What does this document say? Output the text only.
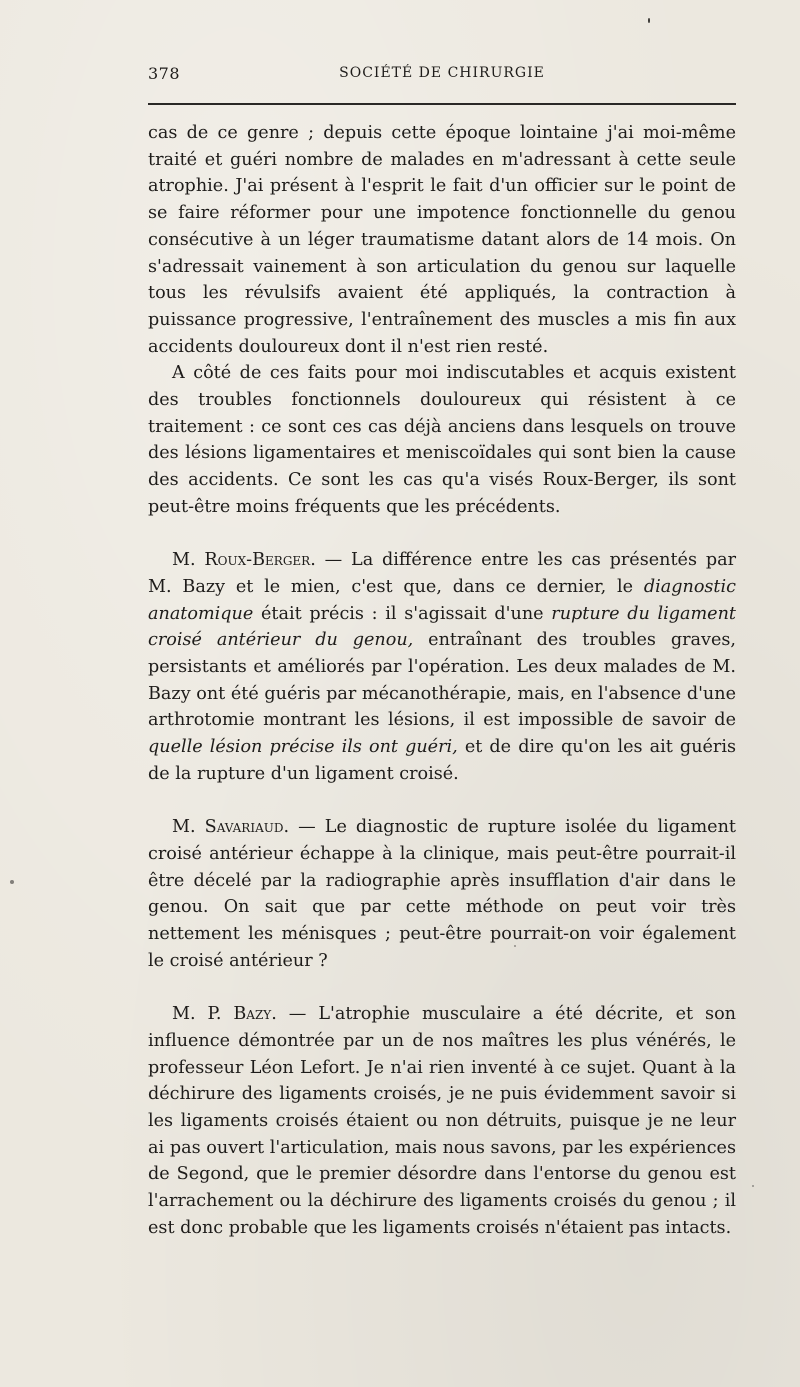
378	SOCIÉTÉ DE CHIRURGIE

cas de ce genre ; depuis cette époque lointaine j'ai moi-même traité et guéri nombre de malades en m'adressant à cette seule atrophie. J'ai présent à l'esprit le fait d'un officier sur le point de se faire réformer pour une impotence fonctionnelle du genou consécutive à un léger traumatisme datant alors de 14 mois. On s'adressait vainement à son articulation du genou sur laquelle tous les révulsifs avaient été appliqués, la contraction à puissance progressive, l'entraînement des muscles a mis fin aux accidents douloureux dont il n'est rien resté.

A côté de ces faits pour moi indiscutables et acquis existent des troubles fonctionnels douloureux qui résistent à ce traitement : ce sont ces cas déjà anciens dans lesquels on trouve des lésions ligamentaires et meniscoïdales qui sont bien la cause des accidents. Ce sont les cas qu'a visés Roux-Berger, ils sont peut-être moins fréquents que les précédents.

M. Roux-Berger. — La différence entre les cas présentés par M. Bazy et le mien, c'est que, dans ce dernier, le diagnostic anatomique était précis : il s'agissait d'une rupture du ligament croisé antérieur du genou, entraînant des troubles graves, persistants et améliorés par l'opération. Les deux malades de M. Bazy ont été guéris par mécanothérapie, mais, en l'absence d'une arthrotomie montrant les lésions, il est impossible de savoir de quelle lésion précise ils ont guéri, et de dire qu'on les ait guéris de la rupture d'un ligament croisé.

M. Savariaud. — Le diagnostic de rupture isolée du ligament croisé antérieur échappe à la clinique, mais peut-être pourrait-il être décelé par la radiographie après insufflation d'air dans le genou. On sait que par cette méthode on peut voir très nettement les ménisques ; peut-être pourrait-on voir également le croisé antérieur ?

M. P. Bazy. — L'atrophie musculaire a été décrite, et son influence démontrée par un de nos maîtres les plus vénérés, le professeur Léon Lefort. Je n'ai rien inventé à ce sujet. Quant à la déchirure des ligaments croisés, je ne puis évidemment savoir si les ligaments croisés étaient ou non détruits, puisque je ne leur ai pas ouvert l'articulation, mais nous savons, par les expériences de Segond, que le premier désordre dans l'entorse du genou est l'arrachement ou la déchirure des ligaments croisés du genou ; il est donc probable que les ligaments croisés n'étaient pas intacts.
